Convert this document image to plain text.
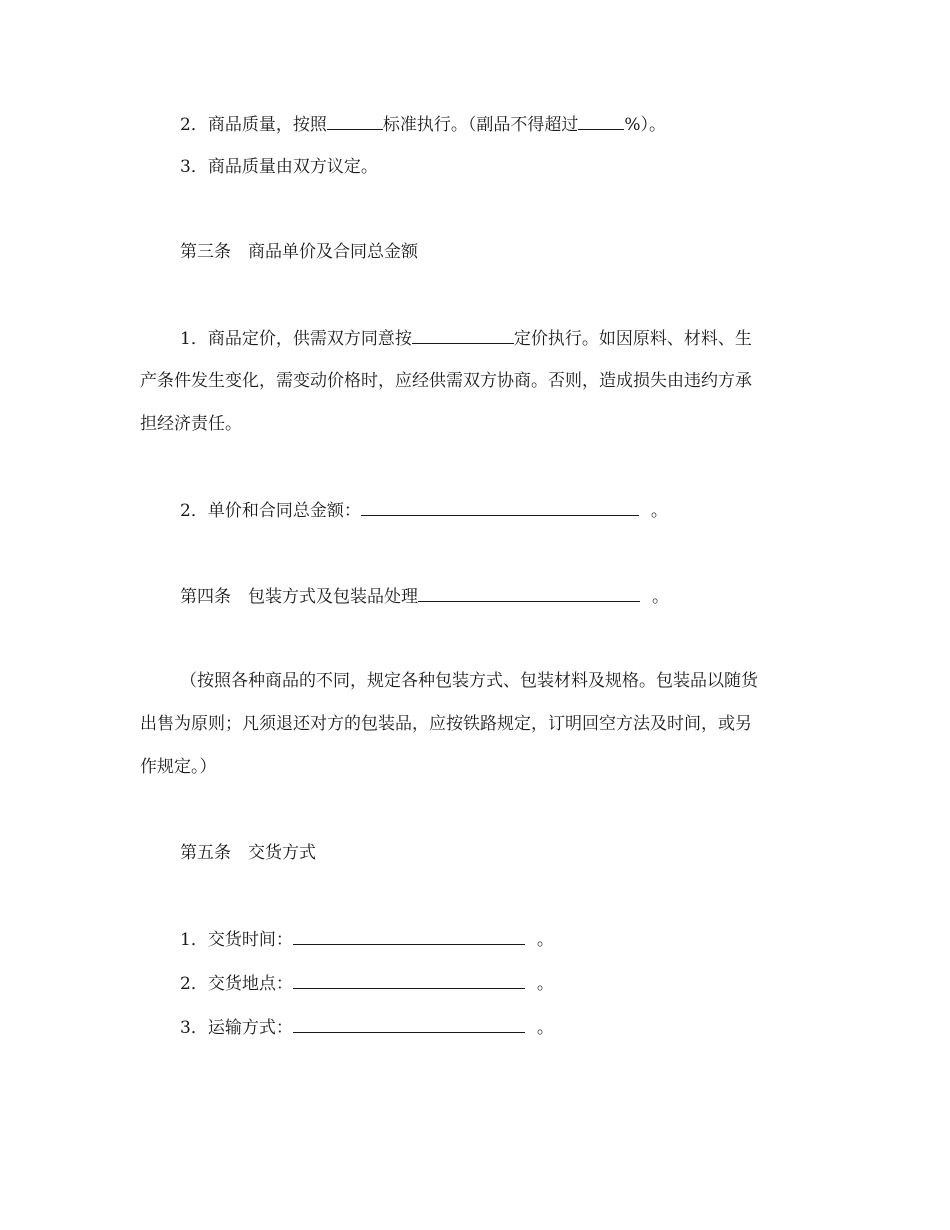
2．商品质量，按照	标准执行。（副品不得超过	%）。
3．商品质量由双方议定。
第三条　商品单价及合同总金额
1．商品定价，供需双方同意按	定价执行。如因原料、材料、生
产条件发生变化，需变动价格时，应经供需双方协商。否则，造成损失由违约方承
担经济责任。
2．单价和合同总金额：	。
第四条　包装方式及包装品处理	。
（按照各种商品的不同，规定各种包装方式、包装材料及规格。包装品以随货
出售为原则；凡须退还对方的包装品，应按铁路规定，订明回空方法及时间，或另
作规定。）
第五条　交货方式
1．交货时间：	。
2．交货地点：	。
3．运输方式：	。
